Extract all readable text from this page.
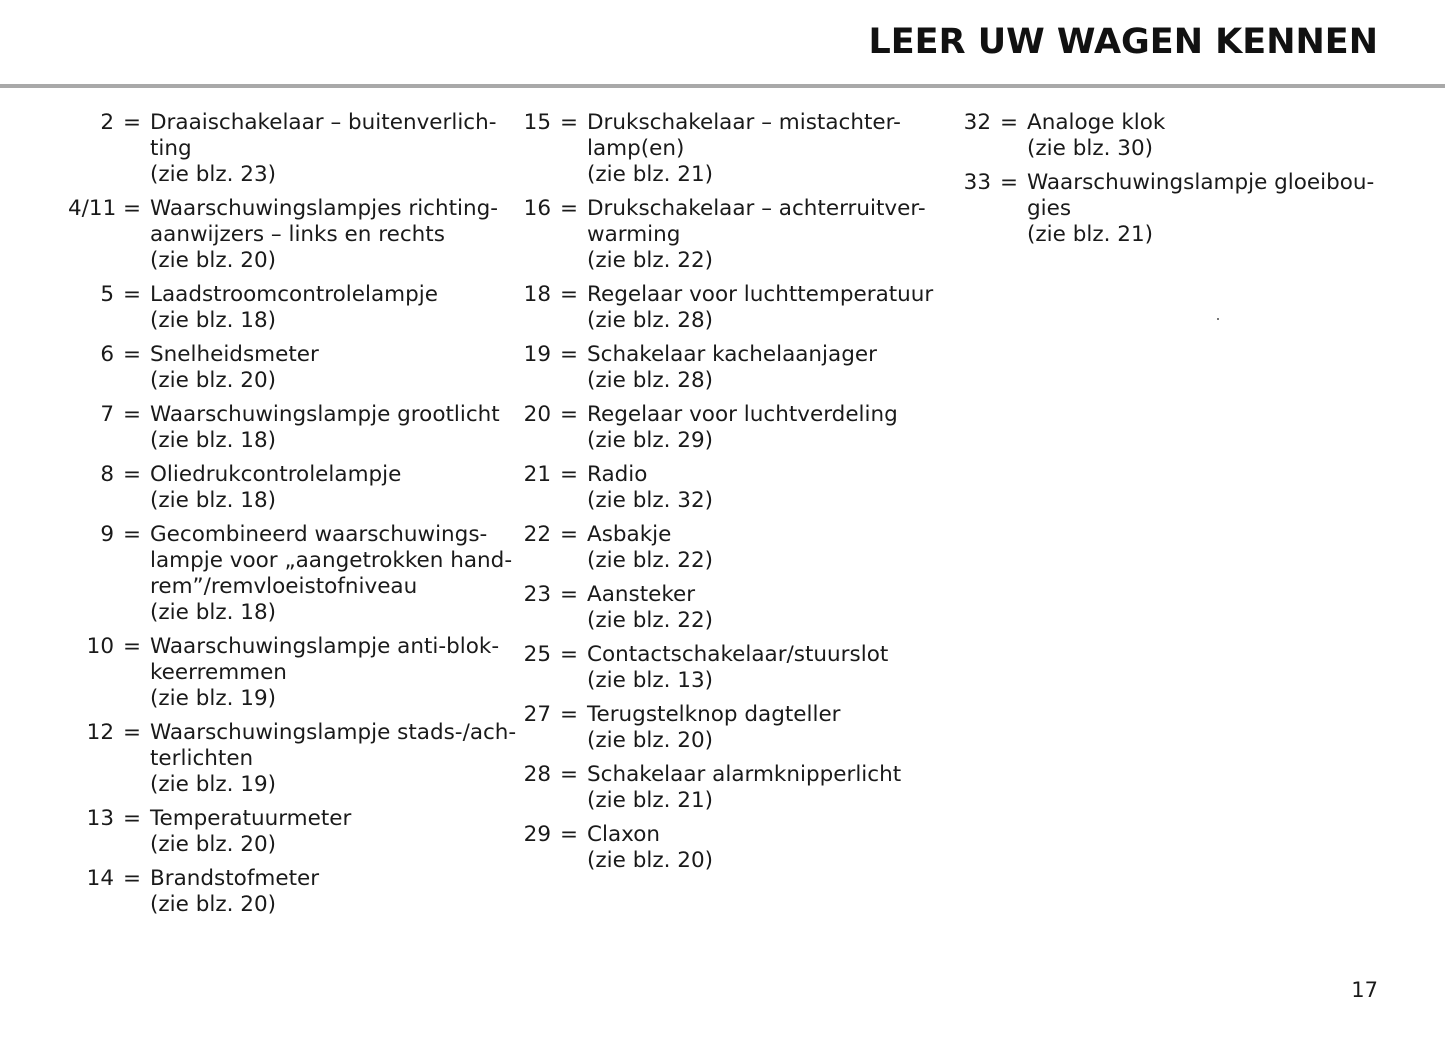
LEER UW WAGEN KENNEN
2 = Draaischakelaar – buitenverlich-
ting
(zie blz. 23)
4/11 = Waarschuwingslampjes richting-
aanwijzers – links en rechts
(zie blz. 20)
5 = Laadstroomcontrolelampje
(zie blz. 18)
6 = Snelheidsmeter
(zie blz. 20)
7 = Waarschuwingslampje grootlicht
(zie blz. 18)
8 = Oliedrukcontrolelampje
(zie blz. 18)
9 = Gecombineerd waarschuwings-
lampje voor „aangetrokken hand-
rem”/remvloeistofniveau
(zie blz. 18)
10 = Waarschuwingslampje anti-blok-
keerremmen
(zie blz. 19)
12 = Waarschuwingslampje stads-/ach-
terlichten
(zie blz. 19)
13 = Temperatuurmeter
(zie blz. 20)
14 = Brandstofmeter
(zie blz. 20)
15 = Drukschakelaar – mistachter-
lamp(en)
(zie blz. 21)
16 = Drukschakelaar – achterruitver-
warming
(zie blz. 22)
18 = Regelaar voor luchttemperatuur
(zie blz. 28)
19 = Schakelaar kachelaanjager
(zie blz. 28)
20 = Regelaar voor luchtverdeling
(zie blz. 29)
21 = Radio
(zie blz. 32)
22 = Asbakje
(zie blz. 22)
23 = Aansteker
(zie blz. 22)
25 = Contactschakelaar/stuurslot
(zie blz. 13)
27 = Terugstelknop dagteller
(zie blz. 20)
28 = Schakelaar alarmknipperlicht
(zie blz. 21)
29 = Claxon
(zie blz. 20)
32 = Analoge klok
(zie blz. 30)
33 = Waarschuwingslampje gloeibou-
gies
(zie blz. 21)
17
